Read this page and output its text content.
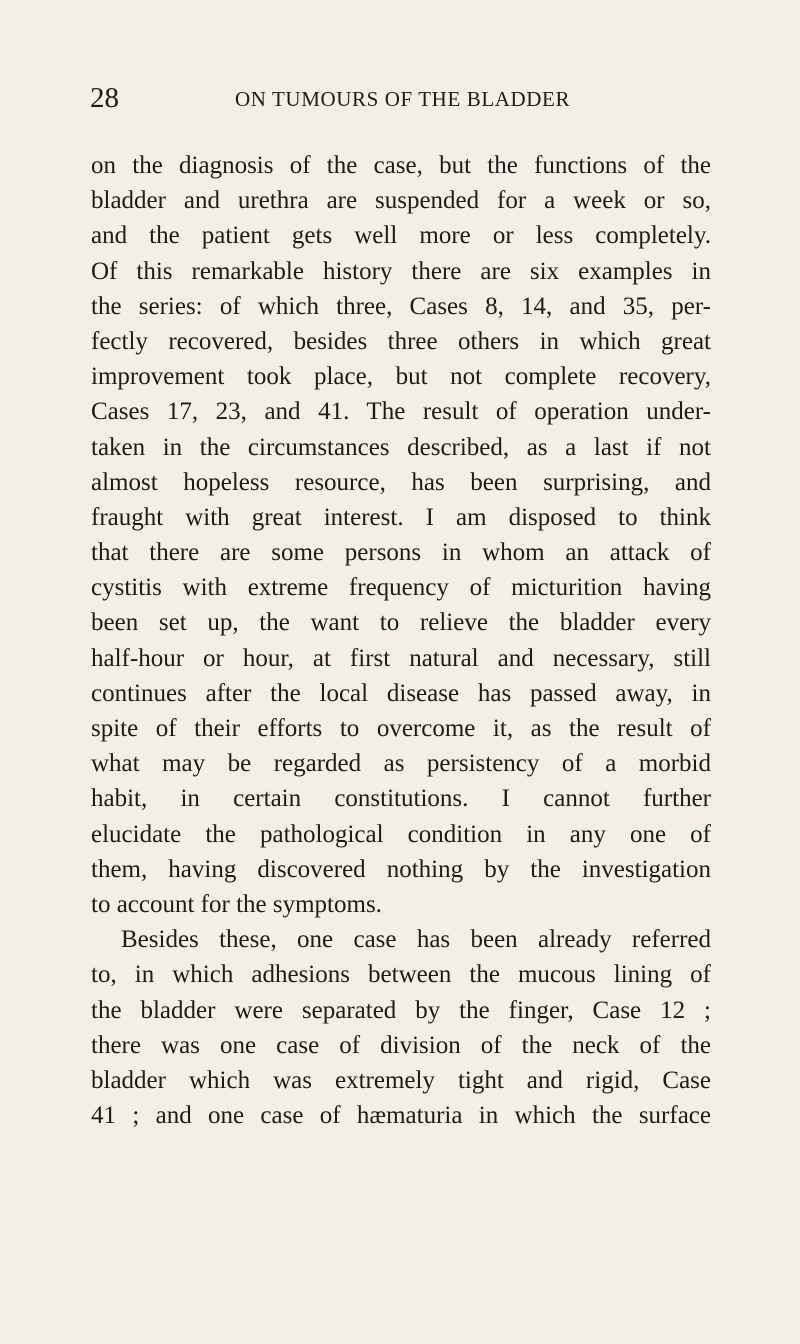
28	ON TUMOURS OF THE BLADDER
on the diagnosis of the case, but the functions of the
bladder and urethra are suspended for a week or so,
and the patient gets well more or less completely.
Of this remarkable history there are six examples in
the series: of which three, Cases 8, 14, and 35, per-
fectly recovered, besides three others in which great
improvement took place, but not complete recovery,
Cases 17, 23, and 41. The result of operation under-
taken in the circumstances described, as a last if not
almost hopeless resource, has been surprising, and
fraught with great interest. I am disposed to think
that there are some persons in whom an attack of
cystitis with extreme frequency of micturition having
been set up, the want to relieve the bladder every
half-hour or hour, at first natural and necessary, still
continues after the local disease has passed away, in
spite of their efforts to overcome it, as the result of
what may be regarded as persistency of a morbid
habit, in certain constitutions. I cannot further
elucidate the pathological condition in any one of
them, having discovered nothing by the investigation
to account for the symptoms.
Besides these, one case has been already referred
to, in which adhesions between the mucous lining of
the bladder were separated by the finger, Case 12 ;
there was one case of division of the neck of the
bladder which was extremely tight and rigid, Case
41 ; and one case of hæmaturia in which the surface
